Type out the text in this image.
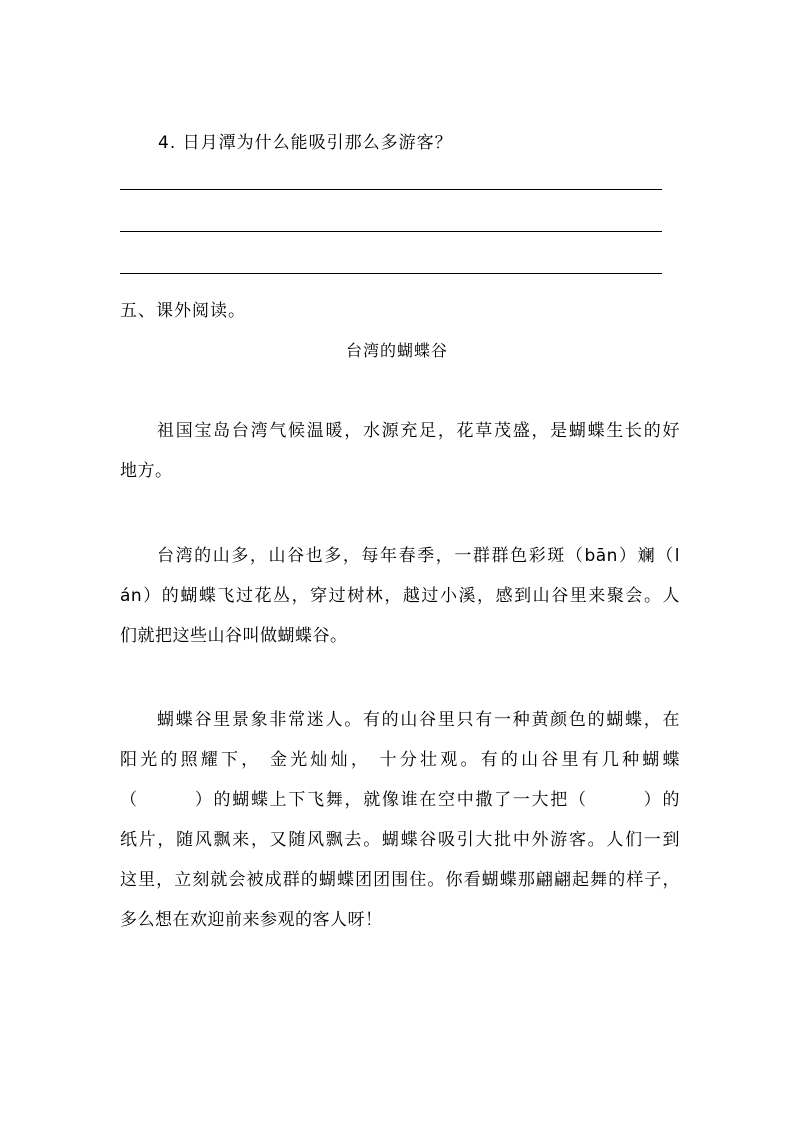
4. 日月潭为什么能吸引那么多游客？
五、课外阅读。
台湾的蝴蝶谷
祖国宝岛台湾气候温暖，水源充足，花草茂盛，是蝴蝶生长的好
地方。
台湾的山多，山谷也多，每年春季，一群群色彩斑（bān）斓（l
án）的蝴蝶飞过花丛，穿过树林，越过小溪，感到山谷里来聚会。人
们就把这些山谷叫做蝴蝶谷。
蝴蝶谷里景象非常迷人。有的山谷里只有一种黄颜色的蝴蝶，在
阳光的照耀下， 金光灿灿， 十分壮观。有的山谷里有几种蝴蝶
（　　　）的蝴蝶上下飞舞，就像谁在空中撒了一大把（　　　）的
纸片，随风飘来，又随风飘去。蝴蝶谷吸引大批中外游客。人们一到
这里，立刻就会被成群的蝴蝶团团围住。你看蝴蝶那翩翩起舞的样子，
多么想在欢迎前来参观的客人呀！
